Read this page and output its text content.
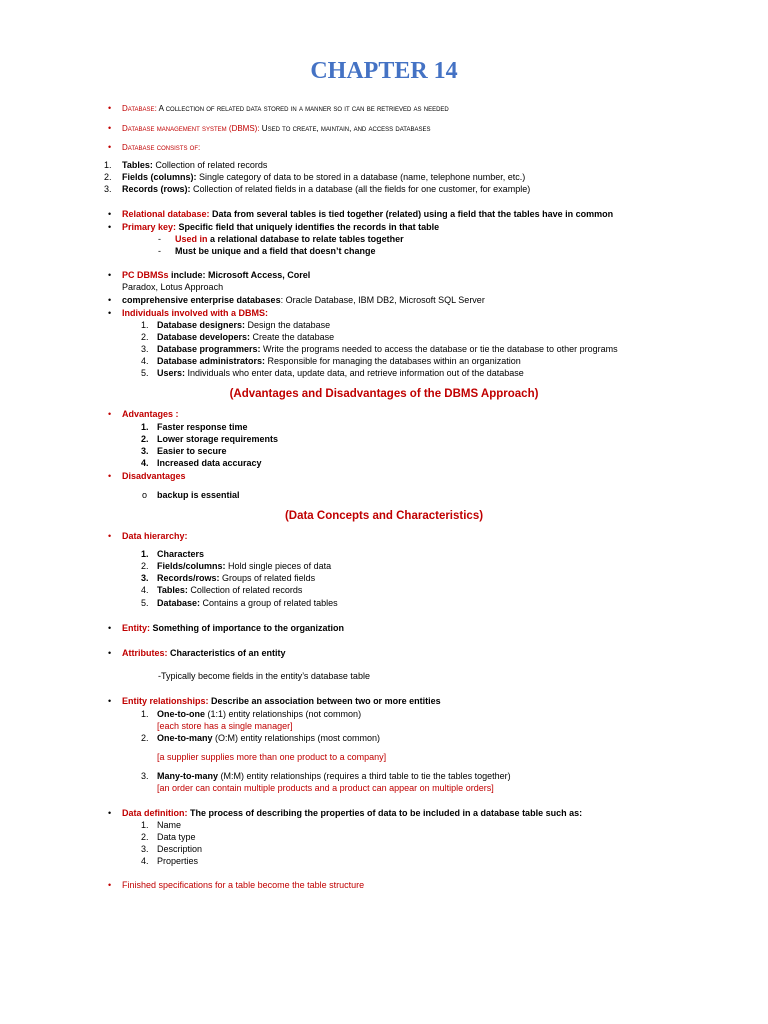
CHAPTER 14
• Database: A collection of related data stored in a manner so it can be retrieved as needed
• Database management system (DBMS): Used to create, maintain, and access databases
• Database consists of:
1. Tables: Collection of related records
2. Fields (columns): Single category of data to be stored in a database (name, telephone number, etc.)
3. Records (rows): Collection of related fields in a database (all the fields for one customer, for example)
• Relational database: Data from several tables is tied together (related) using a field that the tables have in common
• Primary key: Specific field that uniquely identifies the records in that table
- Used in a relational database to relate tables together
- Must be unique and a field that doesn’t change
• PC DBMSs include: Microsoft Access, Corel
Paradox, Lotus Approach
• comprehensive enterprise databases: Oracle Database, IBM DB2, Microsoft SQL Server
• Individuals involved with a DBMS:
1. Database designers: Design the database
2. Database developers: Create the database
3. Database programmers: Write the programs needed to access the database or tie the database to other programs
4. Database administrators: Responsible for managing the databases within an organization
5. Users: Individuals who enter data, update data, and retrieve information out of the database
(Advantages and Disadvantages of the DBMS Approach)
• Advantages :
1. Faster response time
2. Lower storage requirements
3. Easier to secure
4. Increased data accuracy
• Disadvantages
o backup is essential
(Data Concepts and Characteristics)
• Data hierarchy:
1. Characters
2. Fields/columns: Hold single pieces of data
3. Records/rows: Groups of related fields
4. Tables: Collection of related records
5. Database: Contains a group of related tables
• Entity: Something of importance to the organization
• Attributes: Characteristics of an entity
-Typically become fields in the entity’s database table
• Entity relationships: Describe an association between two or more entities
1. One-to-one (1:1) entity relationships (not common)
[each store has a single manager]
2. One-to-many (O:M) entity relationships (most common)
[a supplier supplies more than one product to a company]
3. Many-to-many (M:M) entity relationships (requires a third table to tie the tables together)
[an order can contain multiple products and a product can appear on multiple orders]
• Data definition: The process of describing the properties of data to be included in a database table such as:
1. Name
2. Data type
3. Description
4. Properties
• Finished specifications for a table become the table structure
